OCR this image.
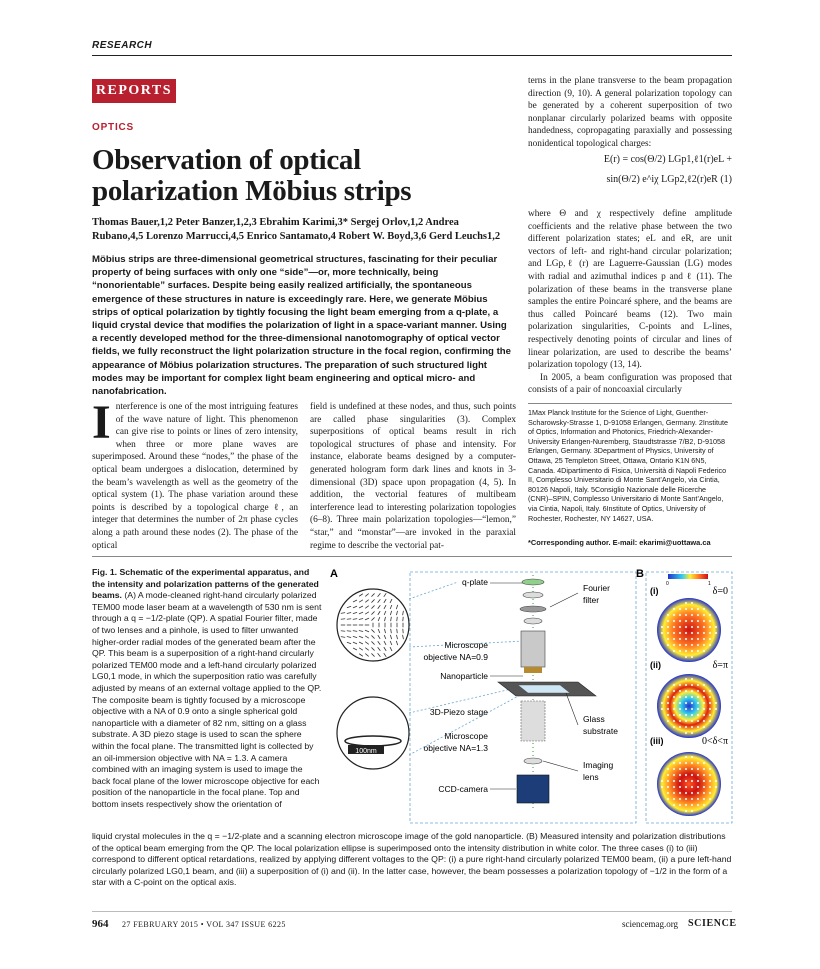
RESEARCH
REPORTS
OPTICS
Observation of optical polarization Möbius strips
Thomas Bauer,1,2 Peter Banzer,1,2,3 Ebrahim Karimi,3* Sergej Orlov,1,2 Andrea Rubano,4,5 Lorenzo Marrucci,4,5 Enrico Santamato,4 Robert W. Boyd,3,6 Gerd Leuchs1,2
Möbius strips are three-dimensional geometrical structures, fascinating for their peculiar property of being surfaces with only one “side”—or, more technically, being “nonorientable” surfaces. Despite being easily realized artificially, the spontaneous emergence of these structures in nature is exceedingly rare. Here, we generate Möbius strips of optical polarization by tightly focusing the light beam emerging from a q-plate, a liquid crystal device that modifies the polarization of light in a space-variant manner. Using a recently developed method for the three-dimensional nanotomography of optical vector fields, we fully reconstruct the light polarization structure in the focal region, confirming the appearance of Möbius polarization structures. The preparation of such structured light modes may be important for complex light beam engineering and optical micro- and nanofabrication.
Interference is one of the most intriguing features of the wave nature of light. This phenomenon can give rise to points or lines of zero intensity, when three or more plane waves are superimposed. Around these “nodes,” the phase of the optical beam undergoes a dislocation, determined by the beam’s wavelength as well as the geometry of the optical system (1). The phase variation around these points is described by a topological charge ℓ, an integer that determines the number of 2π phase cycles along a path around these nodes (2). The phase of the optical
field is undefined at these nodes, and thus, such points are called phase singularities (3). Complex superpositions of optical beams result in rich topological structures of phase and intensity. For instance, elaborate beams designed by a computer-generated hologram form dark lines and knots in 3-dimensional (3D) space upon propagation (4, 5). In addition, the vectorial features of multibeam interference lead to interesting polarization topologies (6–8). Three main polarization topologies—“lemon,” “star,” and “monstar”—are invoked in the paraxial regime to describe the vectorial pat-
terns in the plane transverse to the beam propagation direction (9, 10). A general polarization topology can be generated by a coherent superposition of two nonplanar circularly polarized beams with opposite handedness, copropagating paraxially and possessing nonidentical topological charges:
E(r) = cos(Θ/2) LGp1,ℓ1(r)eL +
sin(Θ/2) e^iχ LGp2,ℓ2(r)eR (1)
where Θ and χ respectively define amplitude coefficients and the relative phase between the two different polarization states; eL and eR, are unit vectors of left- and right-hand circular polarization; and LGp,ℓ (r) are Laguerre-Gaussian (LG) modes with radial and azimuthal indices p and ℓ (11). The polarization of these beams in the transverse plane samples the entire Poincaré sphere, and the beams are thus called Poincaré beams (12). Two main polarization singularities, C-points and L-lines, respectively denoting points of circular and lines of linear polarization, are used to describe the beams’ polarization topology (13, 14).
In 2005, a beam configuration was proposed that consists of a pair of noncoaxial circularly
1Max Planck Institute for the Science of Light, Guenther-Scharowsky-Strasse 1, D-91058 Erlangen, Germany. 2Institute of Optics, Information and Photonics, Friedrich-Alexander-University Erlangen-Nuremberg, Staudtstrasse 7/B2, D-91058 Erlangen, Germany. 3Department of Physics, University of Ottawa, 25 Templeton Street, Ottawa, Ontario K1N 6N5, Canada. 4Dipartimento di Fisica, Università di Napoli Federico II, Complesso Universitario di Monte Sant’Angelo, via Cintia, 80126 Napoli, Italy. 5Consiglio Nazionale delle Ricerche (CNR)–SPIN, Complesso Universitario di Monte Sant’Angelo, via Cintia, Napoli, Italy. 6Institute of Optics, University of Rochester, Rochester, NY 14627, USA.
*Corresponding author. E-mail: ekarimi@uottawa.ca
Fig. 1. Schematic of the experimental apparatus, and the intensity and polarization patterns of the generated beams. (A) A mode-cleaned right-hand circularly polarized TEM00 mode laser beam at a wavelength of 530 nm is sent through a q = −1/2-plate (QP). A spatial Fourier filter, made of two lenses and a pinhole, is used to filter unwanted higher-order radial modes of the generated beam after the QP. This beam is a superposition of a right-hand circularly polarized TEM00 mode and a left-hand circularly polarized LG0,1 mode, in which the superposition ratio was carefully adjusted by means of an external voltage applied to the QP. The composite beam is tightly focused by a microscope objective with a NA of 0.9 onto a single spherical gold nanoparticle with a diameter of 82 nm, sitting on a glass substrate. A 3D piezo stage is used to scan the sphere within the focal plane. The transmitted light is collected by an oil-immersion objective with NA = 1.3. A camera combined with an imaging system is used to image the back focal plane of the lower microscope objective for each position of the nanoparticle in the focal plane. Top and bottom insets respectively show the orientation of
A
100nm
q-plate
Fourier
filter
Microscope
objective NA=0.9
Nanoparticle
3D-Piezo stage
Glass
substrate
Microscope
objective NA=1.3
Imaging
lens
CCD-camera
B
0	1
(i)	δ=0
(ii)	δ=π
(iii)	0<δ<π
liquid crystal molecules in the q = −1/2-plate and a scanning electron microscope image of the gold nanoparticle. (B) Measured intensity and polarization distributions of the optical beam emerging from the QP. The local polarization ellipse is superimposed onto the intensity distribution in white color. The three cases (i) to (iii) correspond to different optical retardations, realized by applying different voltages to the QP: (i) a pure right-hand circularly polarized TEM00 beam, (ii) a pure left-hand circularly polarized LG0,1 beam, and (iii) a superposition of (i) and (ii). In the latter case, however, the beam possesses a polarization topology of −1/2 in the form of a star with a C-point on the optical axis.
964 27 FEBRUARY 2015 • VOL 347 ISSUE 6225	sciencemag.org SCIENCE
